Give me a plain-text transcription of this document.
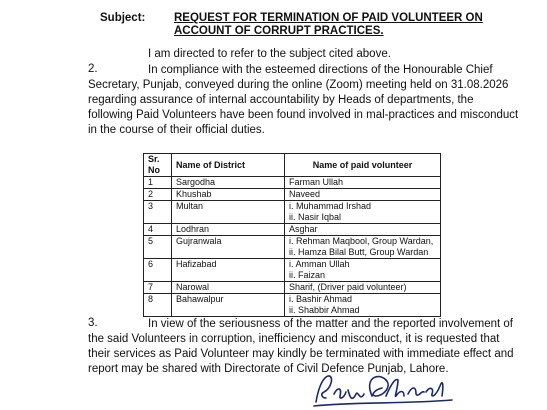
Subject: REQUEST FOR TERMINATION OF PAID VOLUNTEER ON
ACCOUNT OF CORRUPT PRACTICES.
I am directed to refer to the subject cited above.
2.	In compliance with the esteemed directions of the Honourable Chief
Secretary, Punjab, conveyed during the online (Zoom) meeting held on 31.08.2026
regarding assurance of internal accountability by Heads of departments, the
following Paid Volunteers have been found involved in mal-practices and misconduct
in the course of their official duties.
Sr. No	Name of District	Name of paid volunteer
1	Sargodha	Farman Ullah

2	Khushab	Naveed

3	Multan	i. Muhammad Irshad
ii. Nasir Iqbal

4	Lodhran	Asghar

5	Gujranwala	i. Rehman Maqbool, Group Wardan,
ii. Hamza Bilal Butt, Group Wardan

6	Hafizabad	i. Amman Ullah
ii. Faizan

7	Narowal	Sharif, (Driver paid volunteer)

8	Bahawalpur	i. Bashir Ahmad
ii. Shabbir Ahmad
3.	In view of the seriousness of the matter and the reported involvement of
the said Volunteers in corruption, inefficiency and misconduct, it is requested that
their services as Paid Volunteer may kindly be terminated with immediate effect and
report may be shared with Directorate of Civil Defence Punjab, Lahore.
